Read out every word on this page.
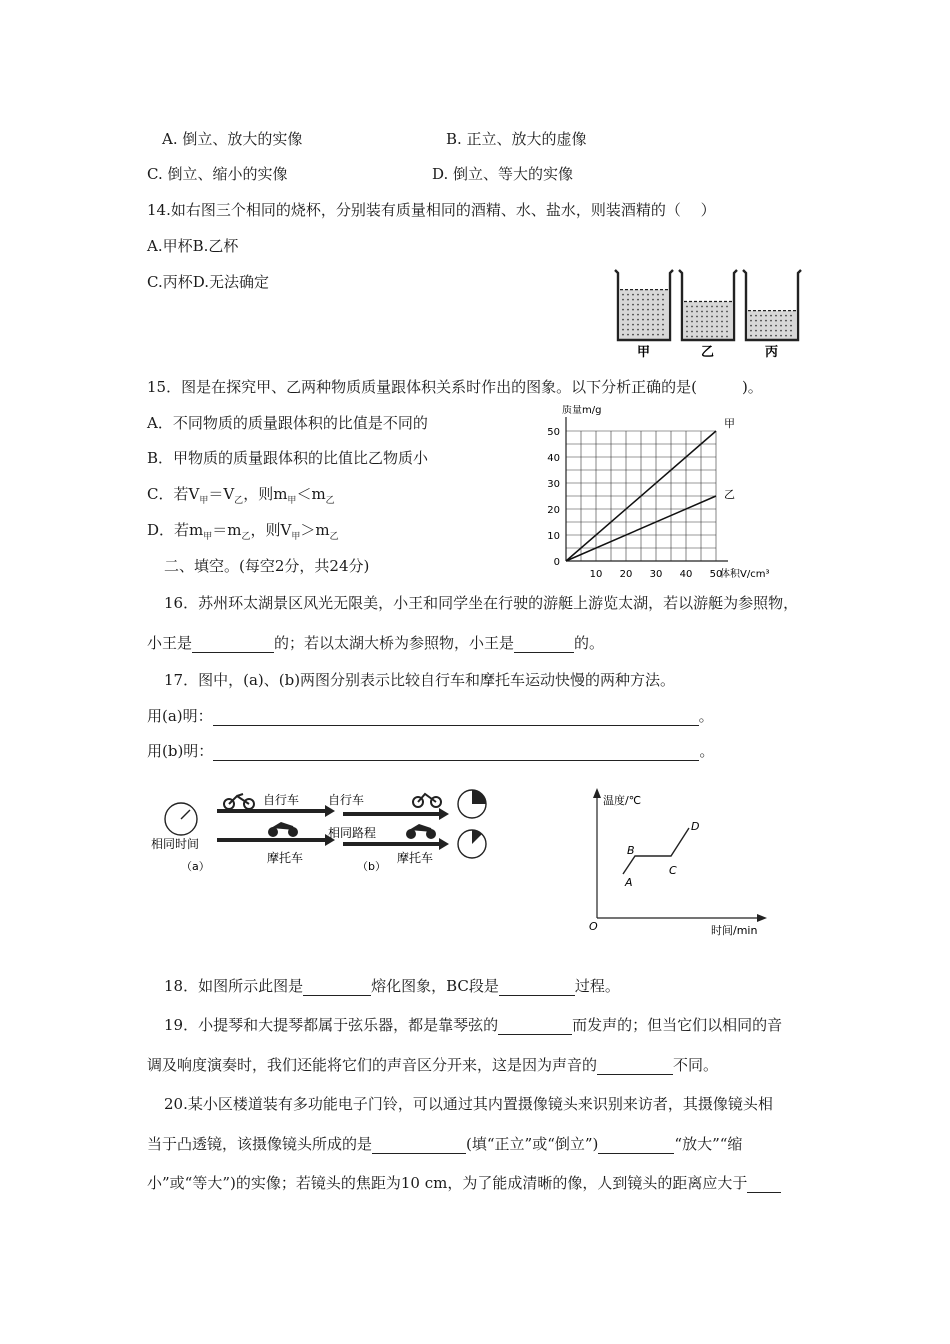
A. 倒立、放大的实像	B. 正立、放大的虚像
C. 倒立、缩小的实像	D. 倒立、等大的实像
14.如右图三个相同的烧杯，分别装有质量相同的酒精、水、盐水，则装酒精的（　 ）
A.甲杯B.乙杯
C.丙杯D.无法确定
甲	乙	丙
15．图是在探究甲、乙两种物质质量跟体积关系时作出的图象。以下分析正确的是(　　　)。
A．不同物质的质量跟体积的比值是不同的
B．甲物质的质量跟体积的比值比乙物质小
C．若$V_甲=V_乙$，则$m_甲<m_乙$
D．若$m_甲=m_乙$，则$V_甲>m_乙$
二、填空。(每空2分，共24分)
质量m/g
体积V/cm³
0
10
20
30
40
50
10 20 30 40 50
甲
乙
16．苏州环太湖景区风光无限美，小王和同学坐在行驶的游艇上游览太湖，若以游艇为参照物，
小王是	的；若以太湖大桥为参照物，小王是	的。
17．图中，(a)、(b)两图分别表示比较自行车和摩托车运动快慢的两种方法。
用(a)明：	。
用(b)明：	。
相同时间
（a）
自行车
摩托车
自行车
相同路程
（b）
摩托车
温度/℃
时间/min
O
A
B
C
D
18．如图所示此图是	熔化图象，BC段是	过程。
19．小提琴和大提琴都属于弦乐器，都是靠琴弦的	而发声的；但当它们以相同的音
调及响度演奏时，我们还能将它们的声音区分开来，这是因为声音的	不同。
20.某小区楼道装有多功能电子门铃，可以通过其内置摄像镜头来识别来访者，其摄像镜头相
当于凸透镜，该摄像镜头所成的是	(填“正立”或“倒立”)	“放大”“缩
小”或“等大”)的实像；若镜头的焦距为10 cm，为了能成清晰的像，人到镜头的距离应大于
